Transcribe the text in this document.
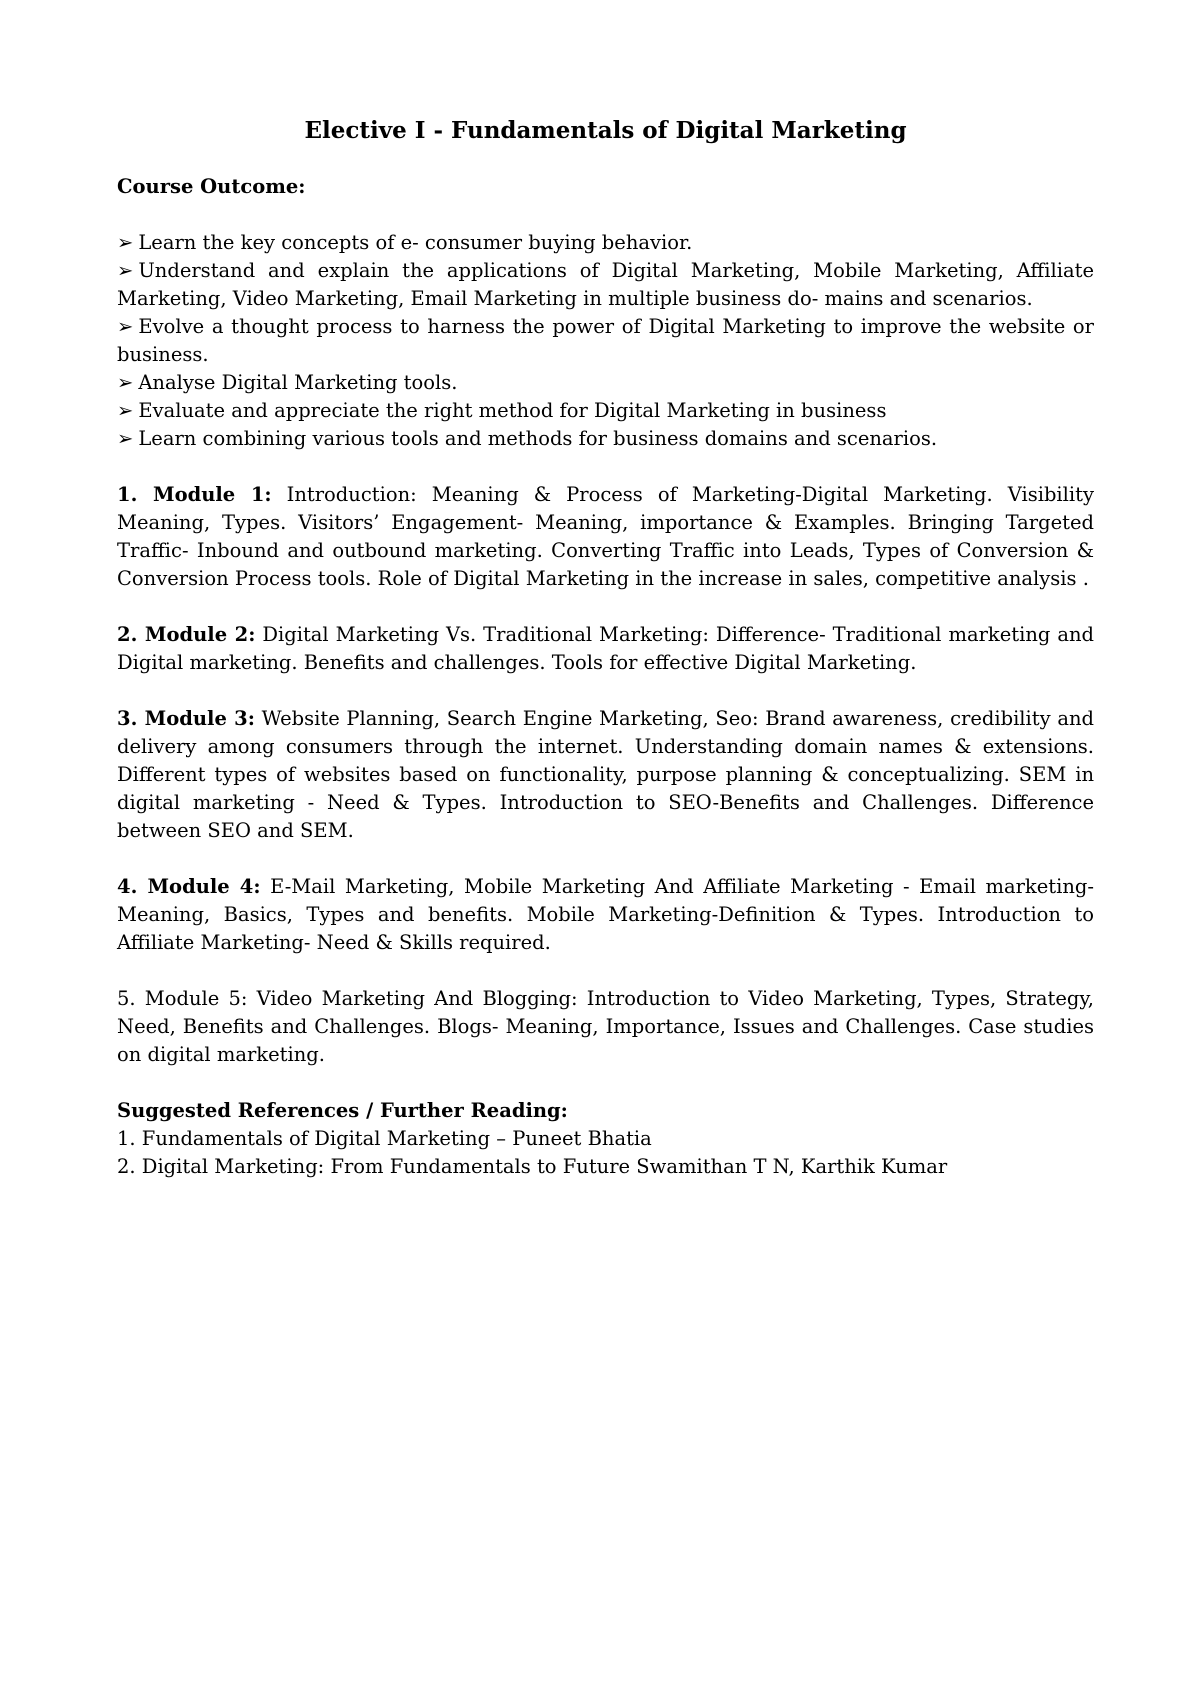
Elective I - Fundamentals of Digital Marketing
Course Outcome:
➢ Learn the key concepts of e- consumer buying behavior.
➢ Understand and explain the applications of Digital Marketing, Mobile Marketing, Affiliate Marketing, Video Marketing, Email Marketing in multiple business do- mains and scenarios.
➢ Evolve a thought process to harness the power of Digital Marketing to improve the website or business.
➢ Analyse Digital Marketing tools.
➢ Evaluate and appreciate the right method for Digital Marketing in business
➢ Learn combining various tools and methods for business domains and scenarios.
1. Module 1: Introduction: Meaning & Process of Marketing-Digital Marketing. Visibility Meaning, Types. Visitors’ Engagement- Meaning, importance & Examples. Bringing Targeted Traffic- Inbound and outbound marketing. Converting Traffic into Leads, Types of Conversion & Conversion Process tools. Role of Digital Marketing in the increase in sales, competitive analysis .
2. Module 2: Digital Marketing Vs. Traditional Marketing: Difference- Traditional marketing and Digital marketing. Benefits and challenges. Tools for effective Digital Marketing.
3. Module 3: Website Planning, Search Engine Marketing, Seo: Brand awareness, credibility and delivery among consumers through the internet. Understanding domain names & extensions. Different types of websites based on functionality, purpose planning & conceptualizing. SEM in digital marketing - Need & Types. Introduction to SEO-Benefits and Challenges. Difference between SEO and SEM.
4. Module 4: E-Mail Marketing, Mobile Marketing And Affiliate Marketing - Email marketing- Meaning, Basics, Types and benefits. Mobile Marketing-Definition & Types. Introduction to Affiliate Marketing- Need & Skills required.
5. Module 5: Video Marketing And Blogging: Introduction to Video Marketing, Types, Strategy, Need, Benefits and Challenges. Blogs- Meaning, Importance, Issues and Challenges. Case studies on digital marketing.
Suggested References / Further Reading:
1. Fundamentals of Digital Marketing – Puneet Bhatia
2. Digital Marketing: From Fundamentals to Future Swamithan T N, Karthik Kumar
